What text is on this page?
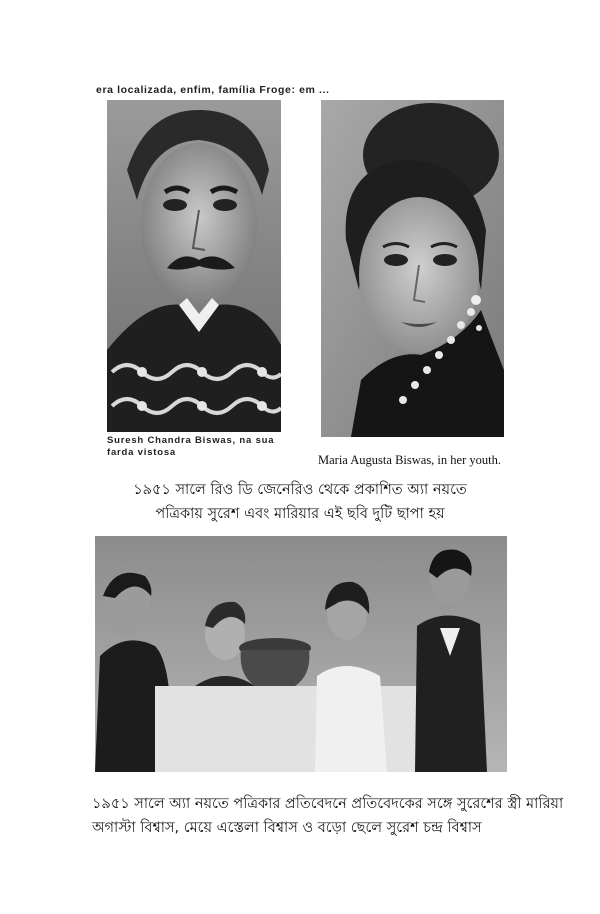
era localizada, enfim, família Froge: em ...
Suresh Chandra Biswas, na sua
farda vistosa
Maria Augusta Biswas, in her youth.
১৯৫১ সালে রিও ডি জেনেরিও থেকে প্রকাশিত অ্যা নয়তে
পত্রিকায় সুরেশ এবং মারিয়ার এই ছবি দুটি ছাপা হয়
১৯৫১ সালে অ্যা নয়তে পত্রিকার প্রতিবেদনে প্রতিবেদকের সঙ্গে সুরেশের স্ত্রী মারিয়া
অগাস্টা বিশ্বাস, মেয়ে এস্তেলা বিশ্বাস ও বড়ো ছেলে সুরেশ চন্দ্র বিশ্বাস
